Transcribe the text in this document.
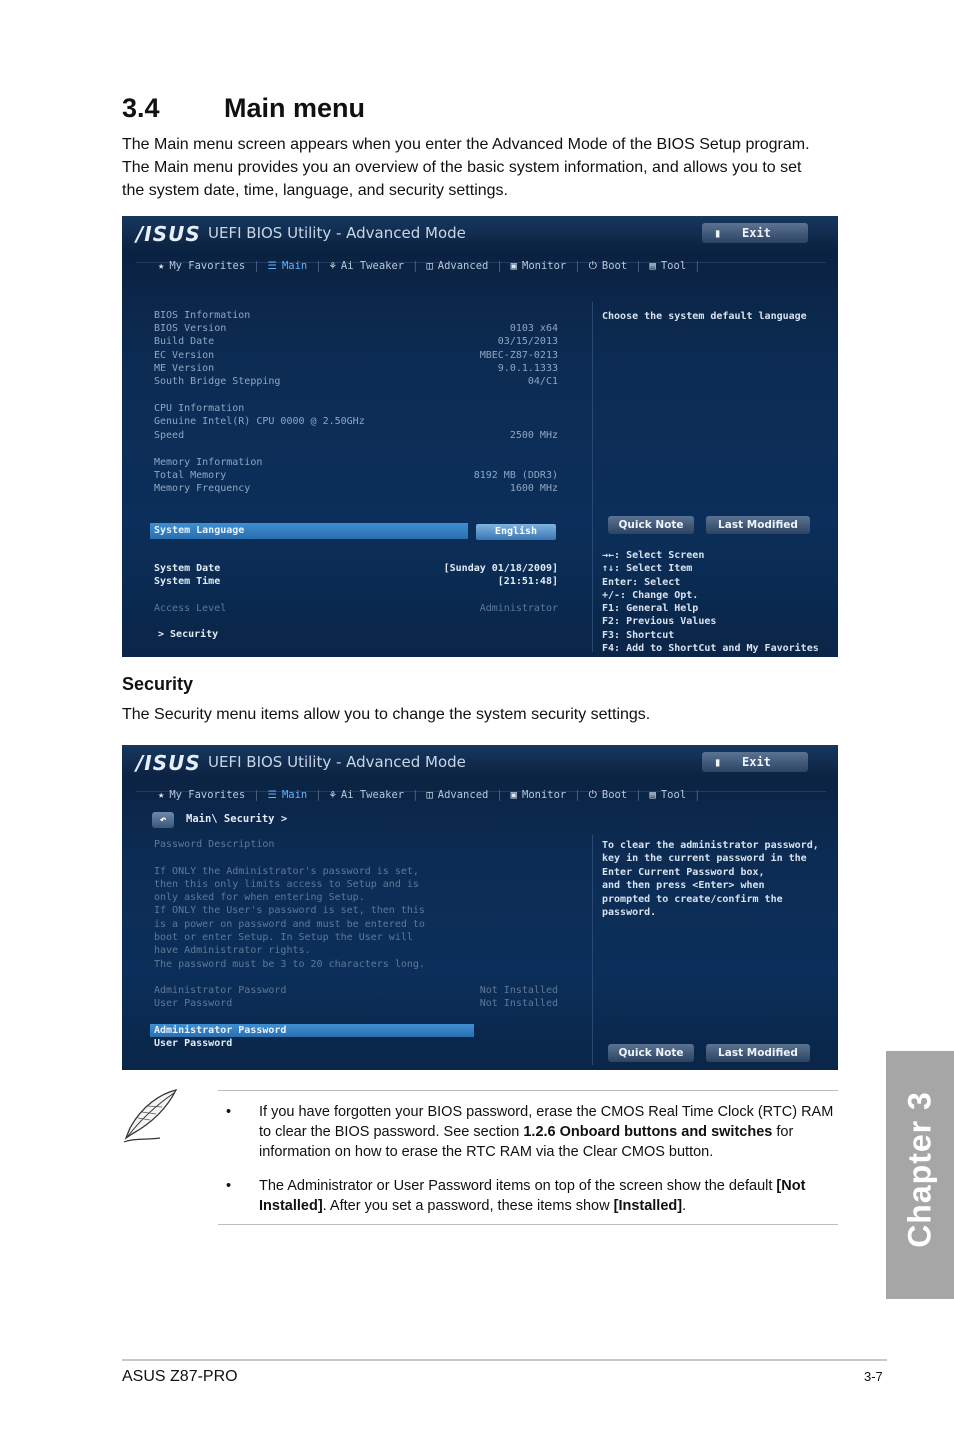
3.4 Main menu

The Main menu screen appears when you enter the Advanced Mode of the BIOS Setup program. The Main menu provides you an overview of the basic system information, and allows you to set the system date, time, language, and security settings.

/ISUS UEFI BIOS Utility - Advanced Mode	▮ Exit
★ My Favorites | ☰ Main | ⚘ Ai Tweaker | ◫ Advanced | ▣ Monitor | ⏻ Boot | ▤ Tool |
BIOS Information
BIOS Version	0103 x64
Build Date	03/15/2013
EC Version	MBEC-Z87-0213
ME Version	9.0.1.1333
South Bridge Stepping	04/C1
CPU Information
Genuine Intel(R) CPU 0000 @ 2.50GHz
Speed	2500 MHz
Memory Information
Total Memory	8192 MB (DDR3)
Memory Frequency	1600 MHz
System Language	English
System Date	[Sunday 01/18/2009]
System Time	[21:51:48]
Access Level	Administrator
> Security
Choose the system default language
Quick Note	Last Modified
→←: Select Screen
↑↓: Select Item
Enter: Select
+/-: Change Opt.
F1: General Help
F2: Previous Values
F3: Shortcut
F4: Add to ShortCut and My Favorites
Security
The Security menu items allow you to change the system security settings.
/ISUS UEFI BIOS Utility - Advanced Mode	▮ Exit
★ My Favorites | ☰ Main | ⚘ Ai Tweaker | ◫ Advanced | ▣ Monitor | ⏻ Boot | ▤ Tool |
↶	Main\ Security >
Password Description
If ONLY the Administrator's password is set,
then this only limits access to Setup and is
only asked for when entering Setup.
If ONLY the User's password is set, then this
is a power on password and must be entered to
boot or enter Setup. In Setup the User will
have Administrator rights.
The password must be 3 to 20 characters long.
Administrator Password	Not Installed
User Password	Not Installed
Administrator Password
User Password
To clear the administrator password,
key in the current password in the
Enter Current Password box,
and then press <Enter> when
prompted to create/confirm the
password.
Quick Note	Last Modified
• If you have forgotten your BIOS password, erase the CMOS Real Time Clock (RTC) RAM to clear the BIOS password. See section 1.2.6 Onboard buttons and switches for information on how to erase the RTC RAM via the Clear CMOS button.
• The Administrator or User Password items on top of the screen show the default [Not Installed]. After you set a password, these items show [Installed].	Chapter 3
ASUS Z87-PRO	3-7
